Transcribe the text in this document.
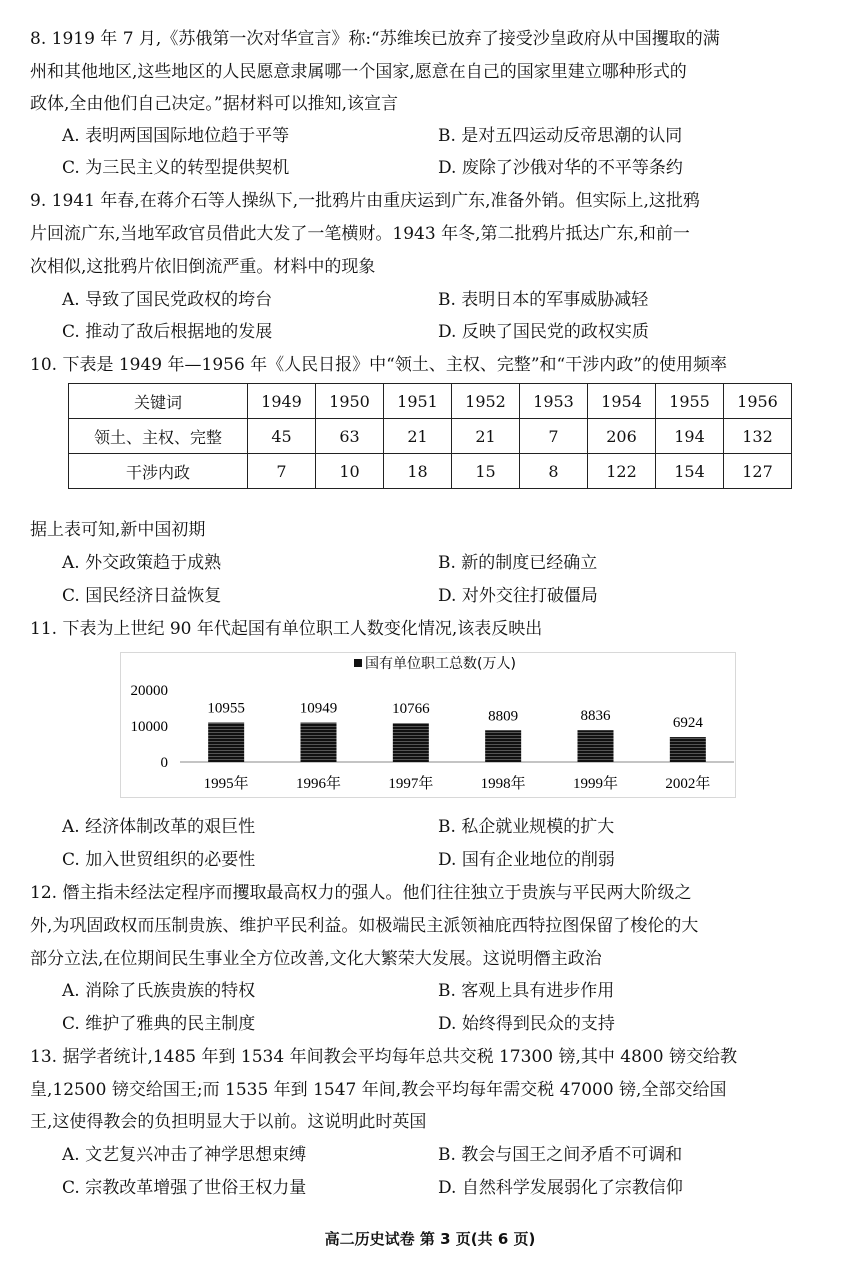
8. 1919 年 7 月,《苏俄第一次对华宣言》称:“苏维埃已放弃了接受沙皇政府从中国攫取的满
州和其他地区,这些地区的人民愿意隶属哪一个国家,愿意在自己的国家里建立哪种形式的
政体,全由他们自己决定。”据材料可以推知,该宣言
A. 表明两国国际地位趋于平等	B. 是对五四运动反帝思潮的认同
C. 为三民主义的转型提供契机	D. 废除了沙俄对华的不平等条约
9. 1941 年春,在蒋介石等人操纵下,一批鸦片由重庆运到广东,准备外销。但实际上,这批鸦
片回流广东,当地军政官员借此大发了一笔横财。1943 年冬,第二批鸦片抵达广东,和前一
次相似,这批鸦片依旧倒流严重。材料中的现象
A. 导致了国民党政权的垮台	B. 表明日本的军事威胁减轻
C. 推动了敌后根据地的发展	D. 反映了国民党的政权实质
10. 下表是 1949 年—1956 年《人民日报》中“领土、主权、完整”和“干涉内政”的使用频率
关键词	1949	1950	1951	1952	1953	1954	1955	1956
领土、主权、完整	45	63	21	21	7	206	194	132
干涉内政	7	10	18	15	8	122	154	127
据上表可知,新中国初期
A. 外交政策趋于成熟	B. 新的制度已经确立
C. 国民经济日益恢复	D. 对外交往打破僵局
11. 下表为上世纪 90 年代起国有单位职工人数变化情况,该表反映出
国有单位职工总数(万人)
20000
10000
0
10955	10949	10766	8809	8836	6924
1995年	1996年	1997年	1998年	1999年	2002年
A. 经济体制改革的艰巨性	B. 私企就业规模的扩大
C. 加入世贸组织的必要性	D. 国有企业地位的削弱
12. 僭主指未经法定程序而攫取最高权力的强人。他们往往独立于贵族与平民两大阶级之
外,为巩固政权而压制贵族、维护平民利益。如极端民主派领袖庇西特拉图保留了梭伦的大
部分立法,在位期间民生事业全方位改善,文化大繁荣大发展。这说明僭主政治
A. 消除了氏族贵族的特权	B. 客观上具有进步作用
C. 维护了雅典的民主制度	D. 始终得到民众的支持
13. 据学者统计,1485 年到 1534 年间教会平均每年总共交税 17300 镑,其中 4800 镑交给教
皇,12500 镑交给国王;而 1535 年到 1547 年间,教会平均每年需交税 47000 镑,全部交给国
王,这使得教会的负担明显大于以前。这说明此时英国
A. 文艺复兴冲击了神学思想束缚	B. 教会与国王之间矛盾不可调和
C. 宗教改革增强了世俗王权力量	D. 自然科学发展弱化了宗教信仰
高二历史试卷 第 3 页(共 6 页)
